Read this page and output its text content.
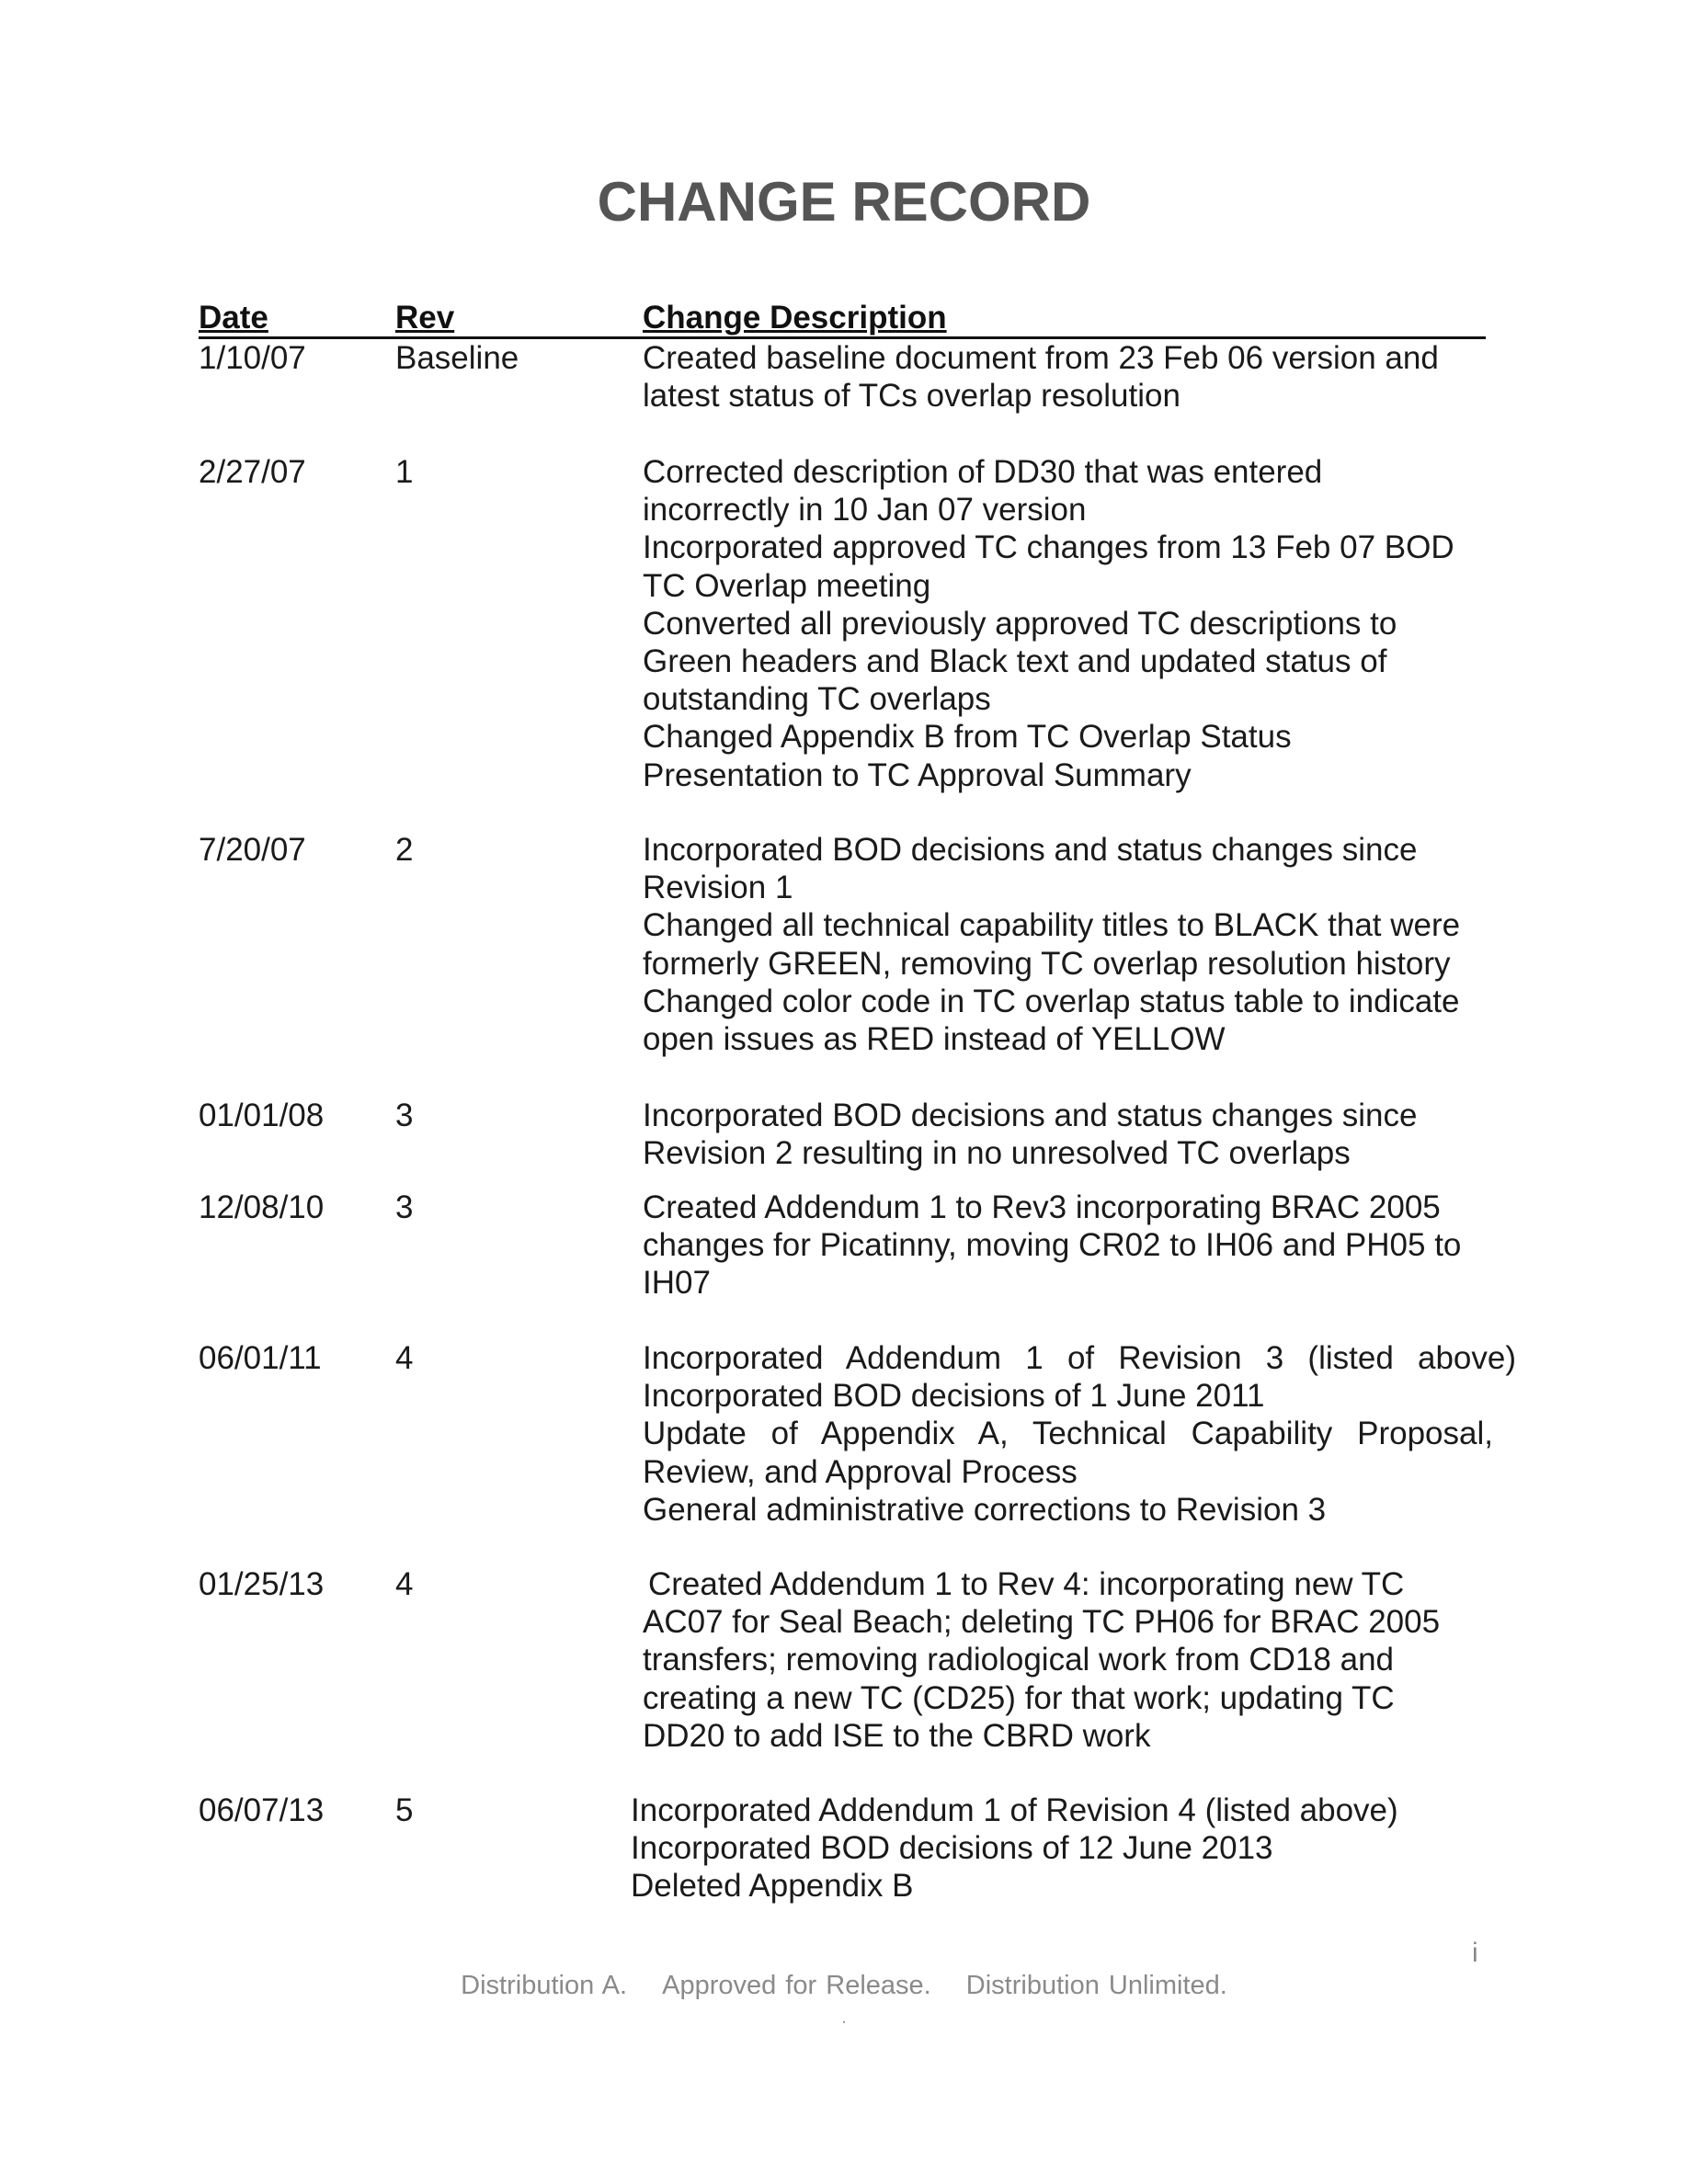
CHANGE RECORD
Date	Rev	Change Description
1/10/07	Baseline	Created baseline document from 23 Feb 06 version and
latest status of TCs overlap resolution
2/27/07	1	Corrected description of DD30 that was entered
incorrectly in 10 Jan 07 version
Incorporated approved TC changes from 13 Feb 07 BOD
TC Overlap meeting
Converted all previously approved TC descriptions to
Green headers and Black text and updated status of
outstanding TC overlaps
Changed Appendix B from TC Overlap Status
Presentation to TC Approval Summary
7/20/07	2	Incorporated BOD decisions and status changes since
Revision 1
Changed all technical capability titles to BLACK that were
formerly GREEN, removing TC overlap resolution history
Changed color code in TC overlap status table to indicate
open issues as RED instead of YELLOW
01/01/08 3	Incorporated BOD decisions and status changes since
Revision 2 resulting in no unresolved TC overlaps
12/08/10 3	Created Addendum 1 to Rev3 incorporating BRAC 2005
changes for Picatinny, moving CR02 to IH06 and PH05 to
IH07
06/01/11 4	Incorporated Addendum 1 of Revision 3 (listed above)
Incorporated BOD decisions of 1 June 2011
Update of Appendix A, Technical Capability Proposal,
Review, and Approval Process
General administrative corrections to Revision 3
01/25/13 4	Created Addendum 1 to Rev 4: incorporating new TC
AC07 for Seal Beach; deleting TC PH06 for BRAC 2005
transfers; removing radiological work from CD18 and
creating a new TC (CD25) for that work; updating TC
DD20 to add ISE to the CBRD work
06/07/13 5	Incorporated Addendum 1 of Revision 4 (listed above)
Incorporated BOD decisions of 12 June 2013
Deleted Appendix B
i
Distribution A. Approved for Release. Distribution Unlimited.
.
